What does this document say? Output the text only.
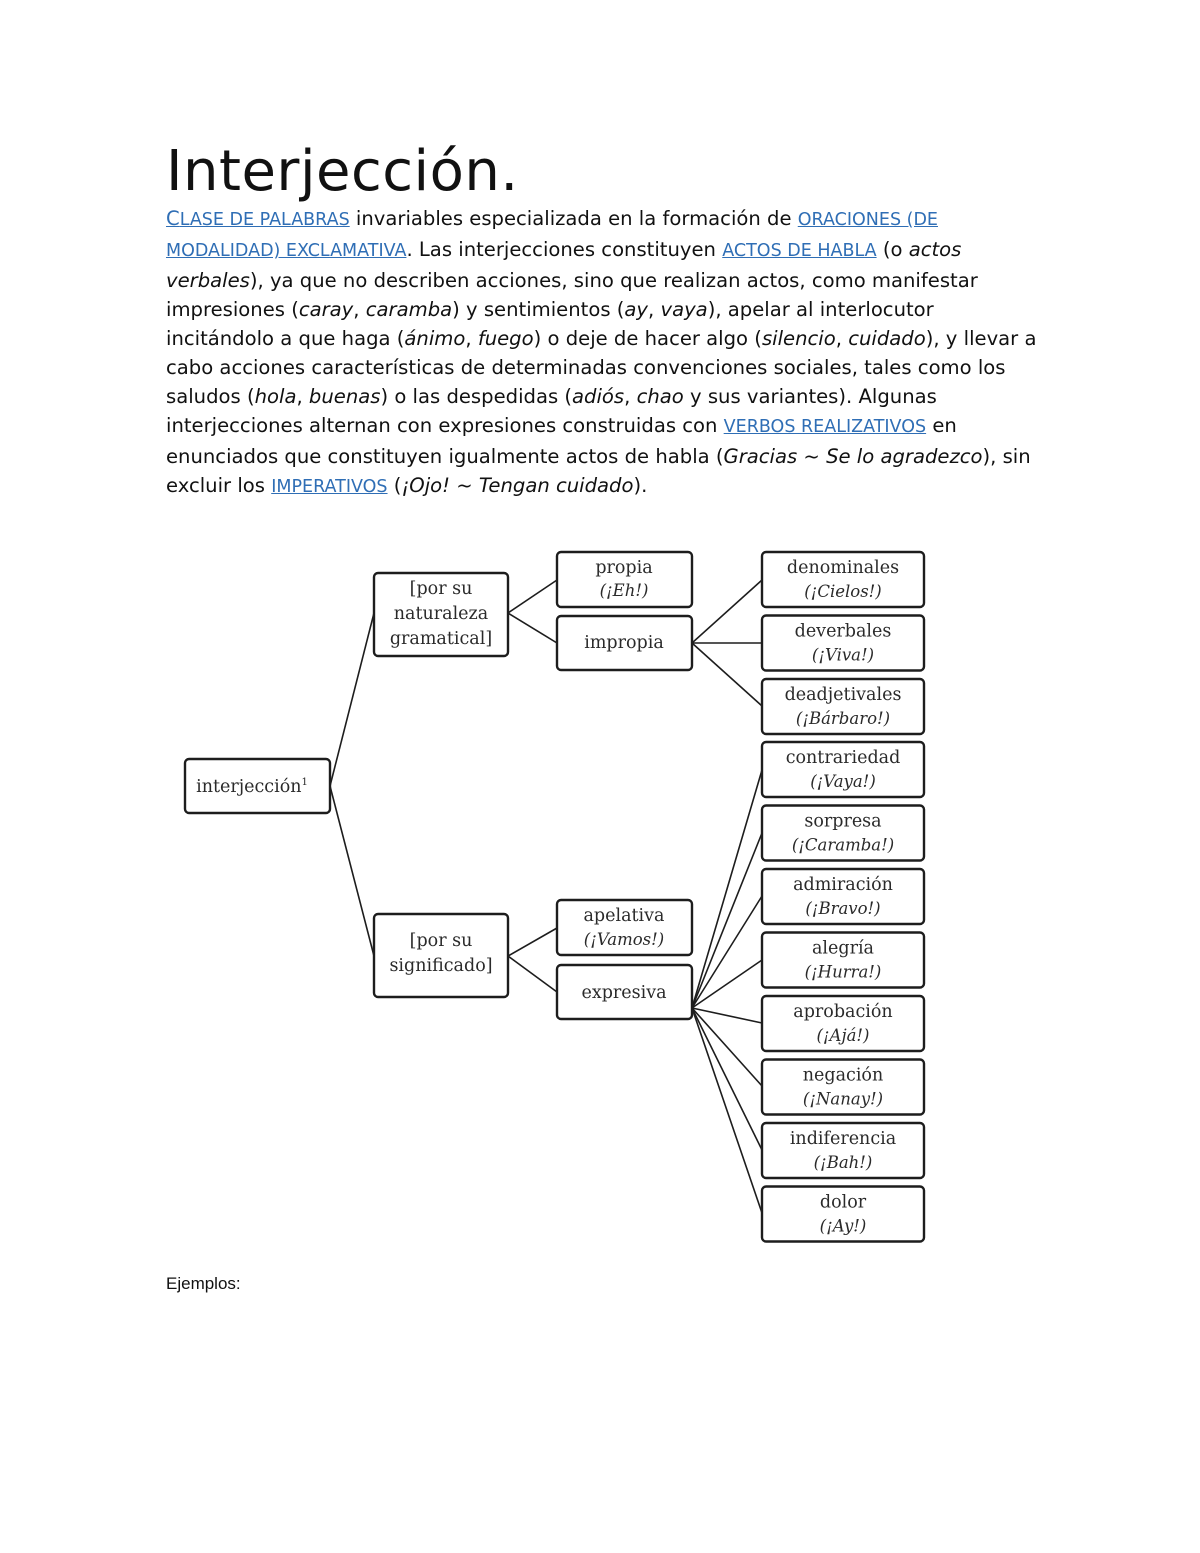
Interjección.

CLASE DE PALABRAS invariables especializada en la formación de ORACIONES (DE MODALIDAD) EXCLAMATIVA. Las interjecciones constituyen ACTOS DE HABLA (o actos verbales), ya que no describen acciones, sino que realizan actos, como manifestar impresiones (caray, caramba) y sentimientos (ay, vaya), apelar al interlocutor incitándolo a que haga (ánimo, fuego) o deje de hacer algo (silencio, cuidado), y llevar a cabo acciones características de determinadas convenciones sociales, tales como los saludos (hola, buenas) o las despedidas (adiós, chao y sus variantes). Algunas interjecciones alternan con expresiones construidas con VERBOS REALIZATIVOS en enunciados que constituyen igualmente actos de habla (Gracias ~ Se lo agradezco), sin excluir los IMPERATIVOS (¡Ojo! ~ Tengan cuidado).

interjección$^1$
[por su
naturaleza
gramatical]
[por su
significado]
propia
(¡Eh!)
impropia
apelativa
(¡Vamos!)
expresiva
denominales
(¡Cielos!)
deverbales
(¡Viva!)
deadjetivales
(¡Bárbaro!)
contrariedad
(¡Vaya!)
sorpresa
(¡Caramba!)
admiración
(¡Bravo!)
alegría
(¡Hurra!)
aprobación
(¡Ajá!)
negación
(¡Nanay!)
indiferencia
(¡Bah!)
dolor
(¡Ay!)

Ejemplos:
